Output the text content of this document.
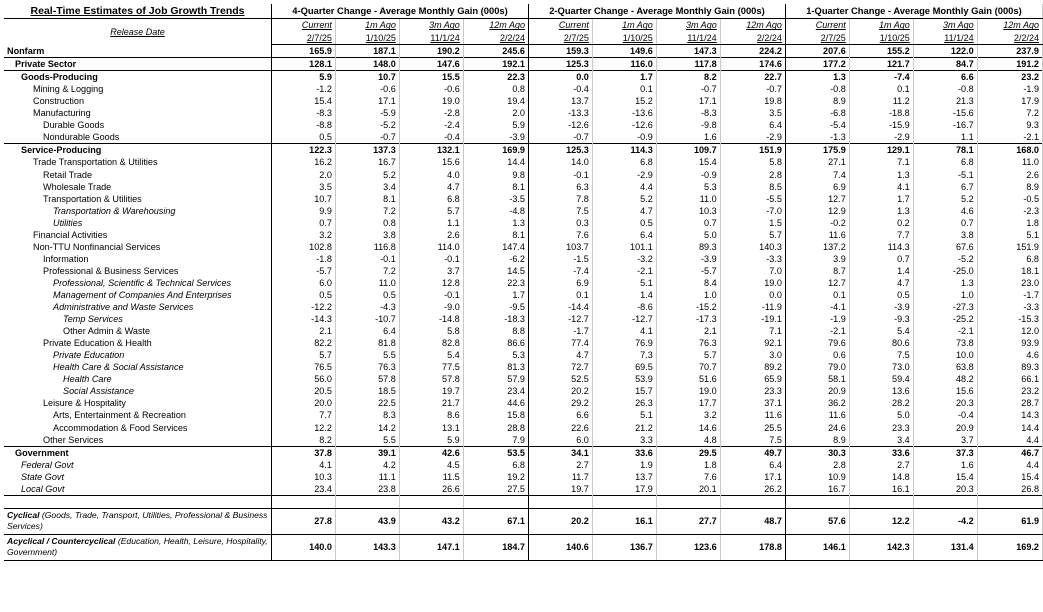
Real-Time Estimates of Job Growth Trends	4-Quarter Change - Average Monthly Gain (000s)				2-Quarter Change - Average Monthly Gain (000s)				1-Quarter Change - Average Monthly Gain (000s)			
Release Date	Current	1m Ago	3m Ago	12m Ago	Current	1m Ago	3m Ago	12m Ago	Current	1m Ago	3m Ago	12m Ago
	2/7/25	1/10/25	11/1/24	2/2/24	2/7/25	1/10/25	11/1/24	2/2/24	2/7/25	1/10/25	11/1/24	2/2/24
Nonfarm	165.9	187.1	190.2	245.6	159.3	149.6	147.3	224.2	207.6	155.2	122.0	237.9
Private Sector	128.1	148.0	147.6	192.1	125.3	116.0	117.8	174.6	177.2	121.7	84.7	191.2
Goods-Producing	5.9	10.7	15.5	22.3	0.0	1.7	8.2	22.7	1.3	-7.4	6.6	23.2
Mining & Logging	-1.2	-0.6	-0.6	0.8	-0.4	0.1	-0.7	-0.7	-0.8	0.1	-0.8	-1.9
Construction	15.4	17.1	19.0	19.4	13.7	15.2	17.1	19.8	8.9	11.2	21.3	17.9
Manufacturing	-8.3	-5.9	-2.8	2.0	-13.3	-13.6	-8.3	3.5	-6.8	-18.8	-15.6	7.2
Durable Goods	-8.8	-5.2	-2.4	5.9	-12.6	-12.6	-9.8	6.4	-5.4	-15.9	-16.7	9.3
Nondurable Goods	0.5	-0.7	-0.4	-3.9	-0.7	-0.9	1.6	-2.9	-1.3	-2.9	1.1	-2.1
Service-Producing	122.3	137.3	132.1	169.9	125.3	114.3	109.7	151.9	175.9	129.1	78.1	168.0
Trade Transportation & Utilities	16.2	16.7	15.6	14.4	14.0	6.8	15.4	5.8	27.1	7.1	6.8	11.0
Retail Trade	2.0	5.2	4.0	9.8	-0.1	-2.9	-0.9	2.8	7.4	1.3	-5.1	2.6
Wholesale Trade	3.5	3.4	4.7	8.1	6.3	4.4	5.3	8.5	6.9	4.1	6.7	8.9
Transportation & Utilities	10.7	8.1	6.8	-3.5	7.8	5.2	11.0	-5.5	12.7	1.7	5.2	-0.5
Transportation & Warehousing	9.9	7.2	5.7	-4.8	7.5	4.7	10.3	-7.0	12.9	1.3	4.6	-2.3
Utilities	0.7	0.8	1.1	1.3	0.3	0.5	0.7	1.5	-0.2	0.2	0.7	1.8
Financial Activities	3.2	3.8	2.6	8.1	7.6	6.4	5.0	5.7	11.6	7.7	3.8	5.1
Non-TTU Nonfinancial Services	102.8	116.8	114.0	147.4	103.7	101.1	89.3	140.3	137.2	114.3	67.6	151.9
Information	-1.8	-0.1	-0.1	-6.2	-1.5	-3.2	-3.9	-3.3	3.9	0.7	-5.2	6.8
Professional & Business Services	-5.7	7.2	3.7	14.5	-7.4	-2.1	-5.7	7.0	8.7	1.4	-25.0	18.1
Professional, Scientific & Technical Services	6.0	11.0	12.8	22.3	6.9	5.1	8.4	19.0	12.7	4.7	1.3	23.0
Management of Companies And Enterprises	0.5	0.5	-0.1	1.7	0.1	1.4	1.0	0.0	0.1	0.5	1.0	-1.7
Administrative and Waste Services	-12.2	-4.3	-9.0	-9.5	-14.4	-8.6	-15.2	-11.9	-4.1	-3.9	-27.3	-3.3
Temp Services	-14.3	-10.7	-14.8	-18.3	-12.7	-12.7	-17.3	-19.1	-1.9	-9.3	-25.2	-15.3
Other Admin & Waste	2.1	6.4	5.8	8.8	-1.7	4.1	2.1	7.1	-2.1	5.4	-2.1	12.0
Private Education & Health	82.2	81.8	82.8	86.6	77.4	76.9	76.3	92.1	79.6	80.6	73.8	93.9
Private Education	5.7	5.5	5.4	5.3	4.7	7.3	5.7	3.0	0.6	7.5	10.0	4.6
Health Care & Social Assistance	76.5	76.3	77.5	81.3	72.7	69.5	70.7	89.2	79.0	73.0	63.8	89.3
Health Care	56.0	57.8	57.8	57.9	52.5	53.9	51.6	65.9	58.1	59.4	48.2	66.1
Social Assistance	20.5	18.5	19.7	23.4	20.2	15.7	19.0	23.3	20.9	13.6	15.6	23.2
Leisure & Hospitality	20.0	22.5	21.7	44.6	29.2	26.3	17.7	37.1	36.2	28.2	20.3	28.7
Arts, Entertainment & Recreation	7.7	8.3	8.6	15.8	6.6	5.1	3.2	11.6	11.6	5.0	-0.4	14.3
Accommodation & Food Services	12.2	14.2	13.1	28.8	22.6	21.2	14.6	25.5	24.6	23.3	20.9	14.4
Other Services	8.2	5.5	5.9	7.9	6.0	3.3	4.8	7.5	8.9	3.4	3.7	4.4
Government	37.8	39.1	42.6	53.5	34.1	33.6	29.5	49.7	30.3	33.6	37.3	46.7
Federal Govt	4.1	4.2	4.5	6.8	2.7	1.9	1.8	6.4	2.8	2.7	1.6	4.4
State Govt	10.3	11.1	11.5	19.2	11.7	13.7	7.6	17.1	10.9	14.8	15.4	15.4
Local Govt	23.4	23.8	26.6	27.5	19.7	17.9	20.1	26.2	16.7	16.1	20.3	26.8

Cyclical (Goods, Trade, Transport, Utilities, Professional & Business Services)	27.8	43.9	43.2	67.1	20.2	16.1	27.7	48.7	57.6	12.2	-4.2	61.9
Acyclical / Countercyclical (Education, Health, Leisure, Hospitality, Government)	140.0	143.3	147.1	184.7	140.6	136.7	123.6	178.8	146.1	142.3	131.4	169.2
